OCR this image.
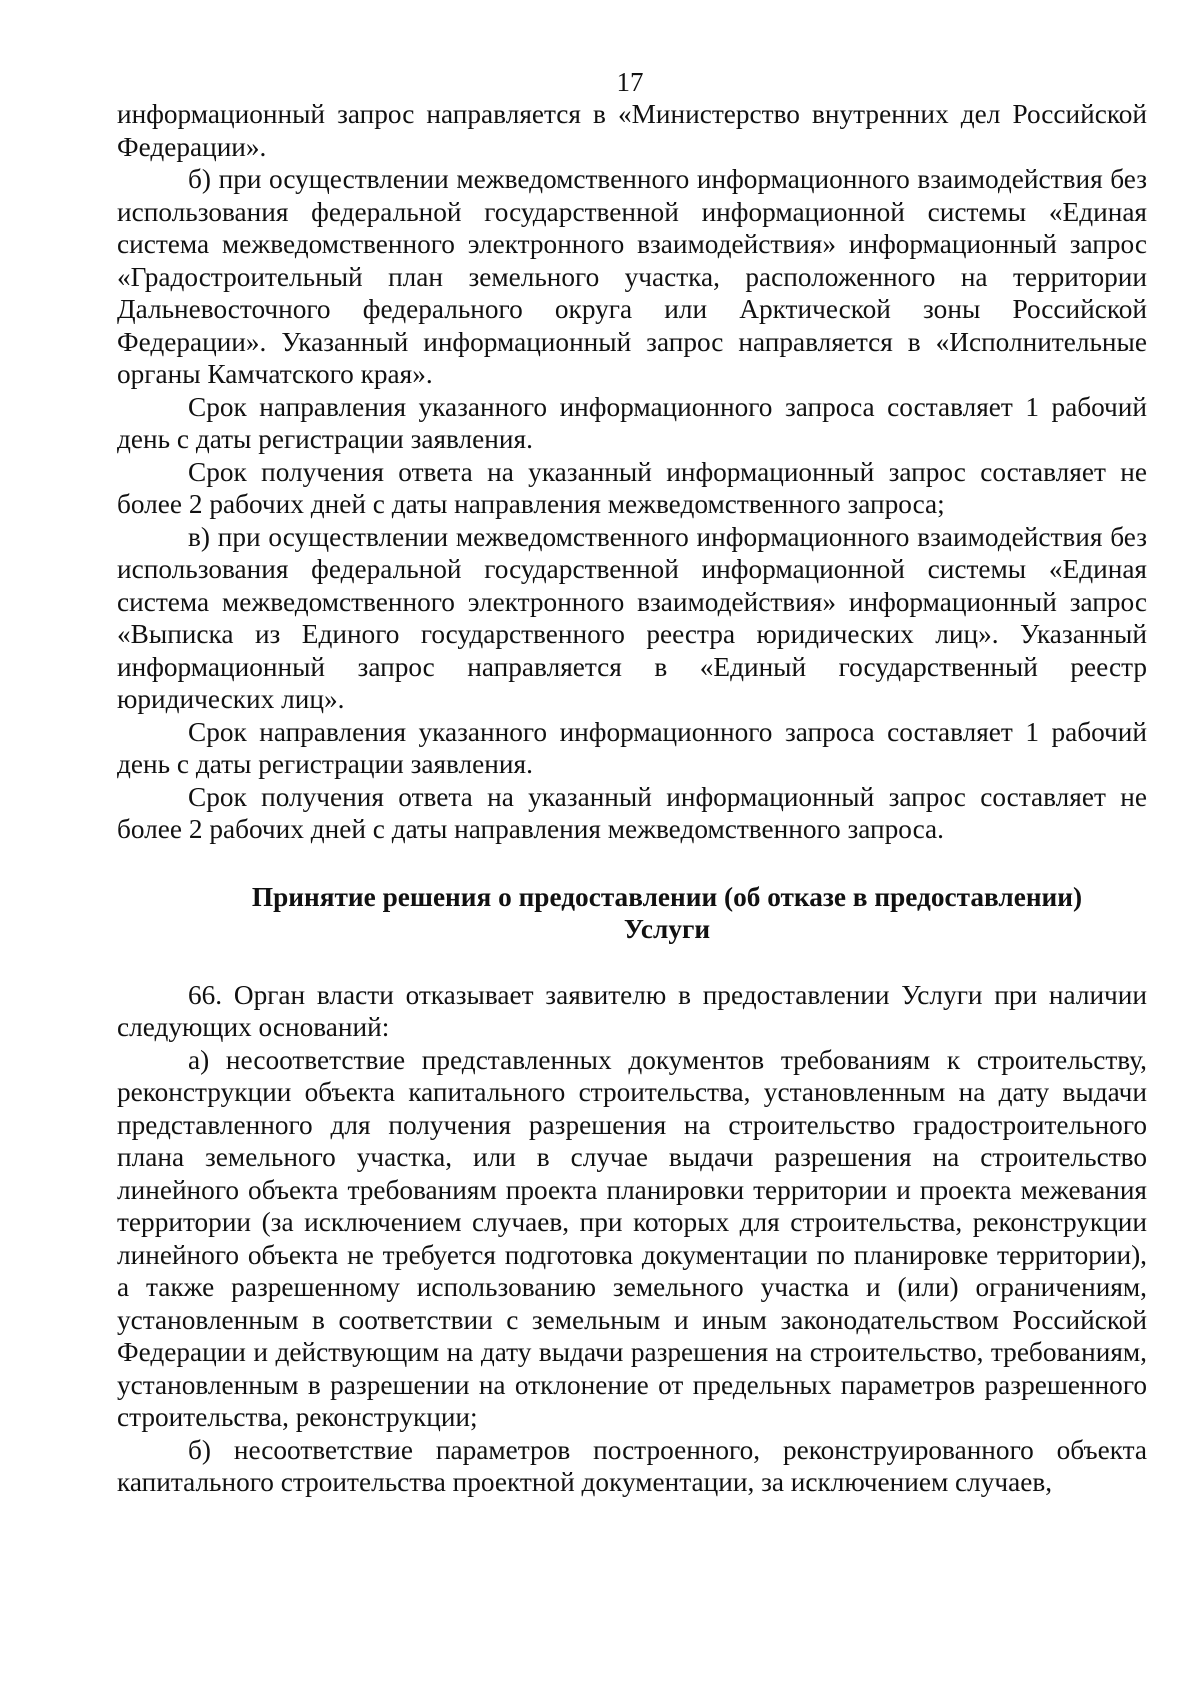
17

информационный запрос направляется в «Министерство внутренних дел Российской Федерации».

б) при осуществлении межведомственного информационного взаимодействия без использования федеральной государственной информационной системы «Единая система межведомственного электронного взаимодействия» информационный запрос «Градостроительный план земельного участка, расположенного на территории Дальневосточного федерального округа или Арктической зоны Российской Федерации». Указанный информационный запрос направляется в «Исполнительные органы Камчатского края».

Срок направления указанного информационного запроса составляет 1 рабочий день с даты регистрации заявления.

Срок получения ответа на указанный информационный запрос составляет не более 2 рабочих дней с даты направления межведомственного запроса;

в) при осуществлении межведомственного информационного взаимодействия без использования федеральной государственной информационной системы «Единая система межведомственного электронного взаимодействия» информационный запрос «Выписка из Единого государственного реестра юридических лиц». Указанный информационный запрос направляется в «Единый государственный реестр юридических лиц».

Срок направления указанного информационного запроса составляет 1 рабочий день с даты регистрации заявления.

Срок получения ответа на указанный информационный запрос составляет не более 2 рабочих дней с даты направления межведомственного запроса.

Принятие решения о предоставлении (об отказе в предоставлении)
Услуги

66. Орган власти отказывает заявителю в предоставлении Услуги при наличии следующих оснований:

а) несоответствие представленных документов требованиям к строительству, реконструкции объекта капитального строительства, установленным на дату выдачи представленного для получения разрешения на строительство градостроительного плана земельного участка, или в случае выдачи разрешения на строительство линейного объекта требованиям проекта планировки территории и проекта межевания территории (за исключением случаев, при которых для строительства, реконструкции линейного объекта не требуется подготовка документации по планировке территории), а также разрешенному использованию земельного участка и (или) ограничениям, установленным в соответствии с земельным и иным законодательством Российской Федерации и действующим на дату выдачи разрешения на строительство, требованиям, установленным в разрешении на отклонение от предельных параметров разрешенного строительства, реконструкции;

б) несоответствие параметров построенного, реконструированного объекта капитального строительства проектной документации, за исключением случаев,
